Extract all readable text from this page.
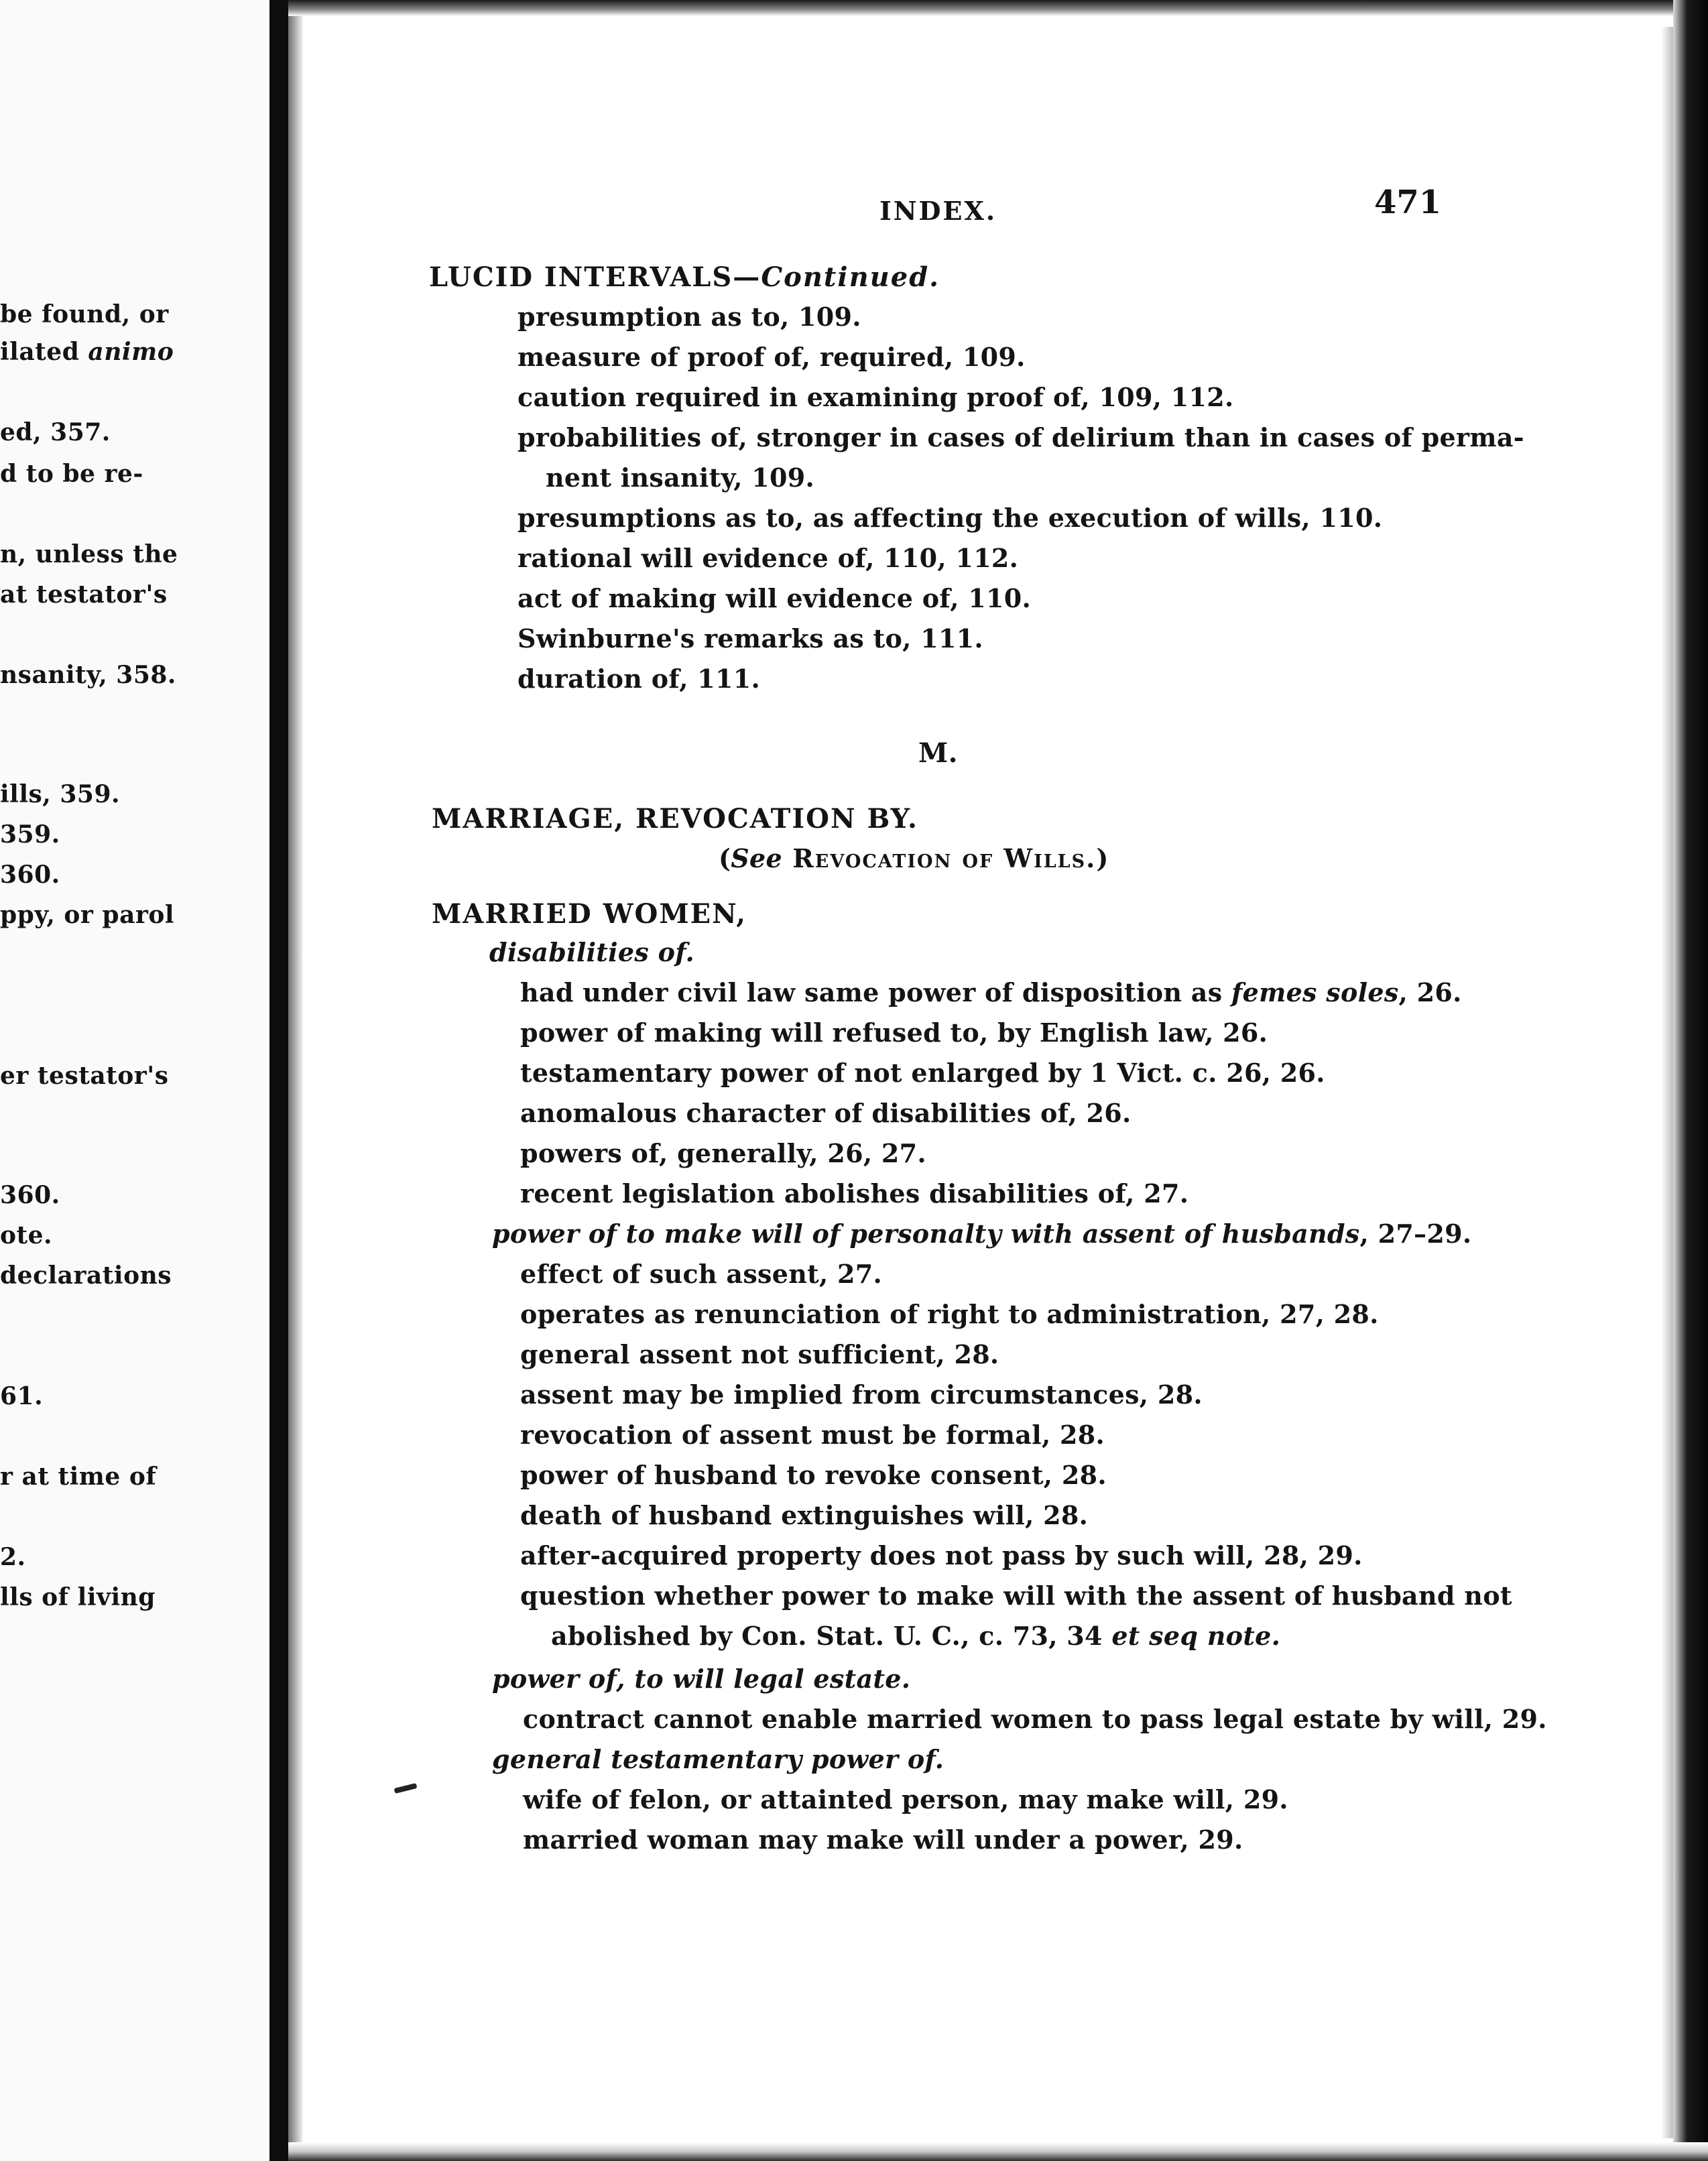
be found, or
ilated animo
ed, 357.
d to be re-
n, unless the
at testator's
nsanity, 358.
ills, 359.
359.
360.
ppy, or parol
er testator's
360.
ote.
declarations
61.
r at time of
2.
lls of living
INDEX.	471
LUCID INTERVALS—Continued.
presumption as to, 109.
measure of proof of, required, 109.
caution required in examining proof of, 109, 112.
probabilities of, stronger in cases of delirium than in cases of perma-
nent insanity, 109.
presumptions as to, as affecting the execution of wills, 110.
rational will evidence of, 110, 112.
act of making will evidence of, 110.
Swinburne's remarks as to, 111.
duration of, 111.
M.
MARRIAGE, REVOCATION BY.
(See Revocation of Wills.)
MARRIED WOMEN,
disabilities of.
had under civil law same power of disposition as femes soles, 26.
power of making will refused to, by English law, 26.
testamentary power of not enlarged by 1 Vict. c. 26, 26.
anomalous character of disabilities of, 26.
powers of, generally, 26, 27.
recent legislation abolishes disabilities of, 27.
power of to make will of personalty with assent of husbands, 27–29.
effect of such assent, 27.
operates as renunciation of right to administration, 27, 28.
general assent not sufficient, 28.
assent may be implied from circumstances, 28.
revocation of assent must be formal, 28.
power of husband to revoke consent, 28.
death of husband extinguishes will, 28.
after-acquired property does not pass by such will, 28, 29.
question whether power to make will with the assent of husband not
abolished by Con. Stat. U. C., c. 73, 34 et seq note.
power of, to will legal estate.
contract cannot enable married women to pass legal estate by will, 29.
general testamentary power of.
wife of felon, or attainted person, may make will, 29.
married woman may make will under a power, 29.
